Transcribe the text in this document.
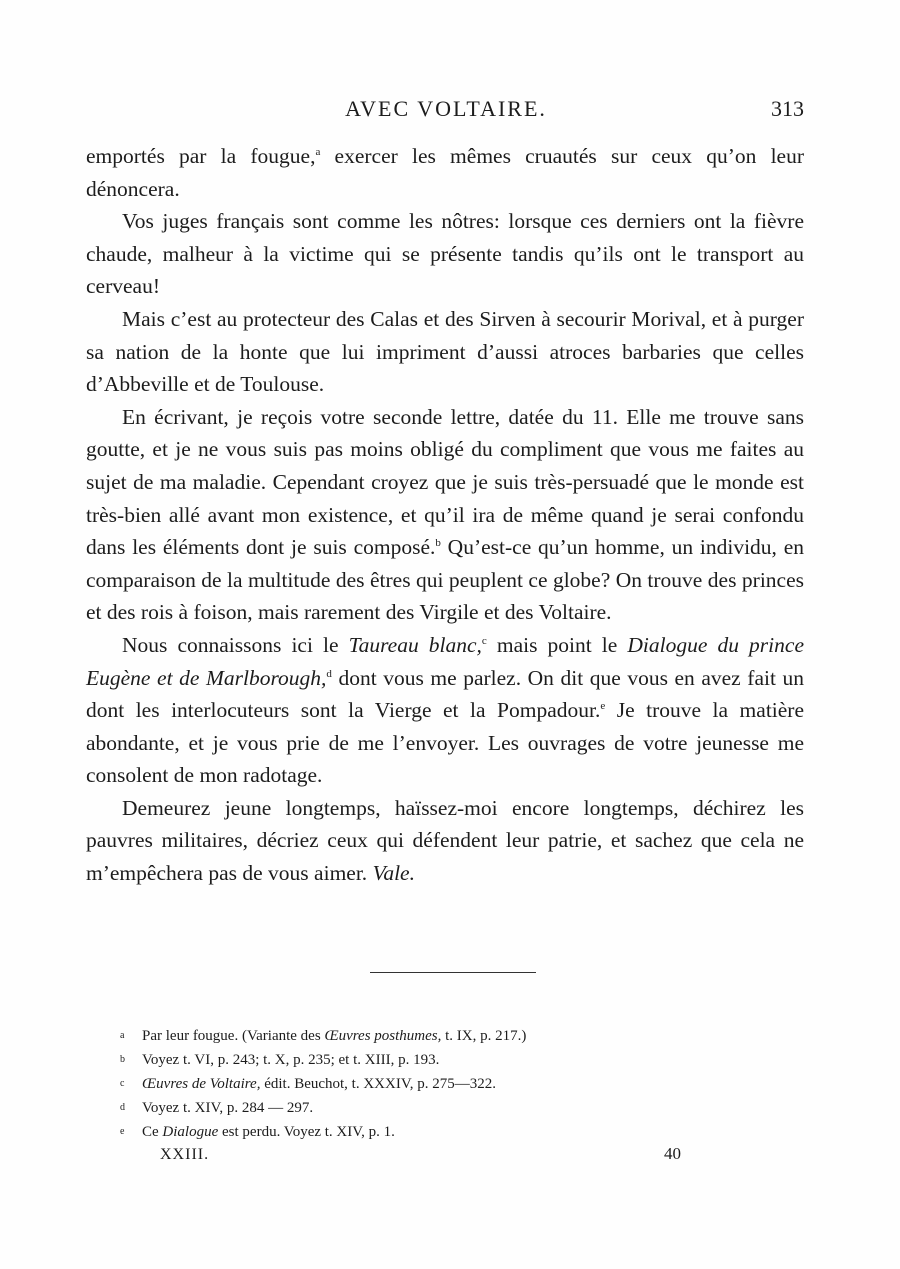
AVEC VOLTAIRE.	313

emportés par la fougue,$^a$ exercer les mêmes cruautés sur ceux qu’on leur dénoncera.

Vos juges français sont comme les nôtres: lorsque ces derniers ont la fièvre chaude, malheur à la victime qui se présente tandis qu’ils ont le transport au cerveau!

Mais c’est au protecteur des Calas et des Sirven à secourir Morival, et à purger sa nation de la honte que lui impriment d’aussi atroces barbaries que celles d’Abbeville et de Toulouse.

En écrivant, je reçois votre seconde lettre, datée du 11. Elle me trouve sans goutte, et je ne vous suis pas moins obligé du compliment que vous me faites au sujet de ma maladie. Cependant croyez que je suis très-persuadé que le monde est très-bien allé avant mon existence, et qu’il ira de même quand je serai confondu dans les éléments dont je suis composé.$^b$ Qu’est-ce qu’un homme, un individu, en comparaison de la multitude des êtres qui peuplent ce globe? On trouve des princes et des rois à foison, mais rarement des Virgile et des Voltaire.

Nous connaissons ici le Taureau blanc,$^c$ mais point le Dialogue du prince Eugène et de Marlborough,$^d$ dont vous me parlez. On dit que vous en avez fait un dont les interlocuteurs sont la Vierge et la Pompadour.$^e$ Je trouve la matière abondante, et je vous prie de me l’envoyer. Les ouvrages de votre jeunesse me consolent de mon radotage.

Demeurez jeune longtemps, haïssez-moi encore longtemps, déchirez les pauvres militaires, décriez ceux qui défendent leur patrie, et sachez que cela ne m’empêchera pas de vous aimer. Vale.

a Par leur fougue. (Variante des Œuvres posthumes, t. IX, p. 217.)
b Voyez t. VI, p. 243; t. X, p. 235; et t. XIII, p. 193.
c Œuvres de Voltaire, édit. Beuchot, t. XXXIV, p. 275—322.
d Voyez t. XIV, p. 284 — 297.
e Ce Dialogue est perdu. Voyez t. XIV, p. 1.
XXIII.	40
